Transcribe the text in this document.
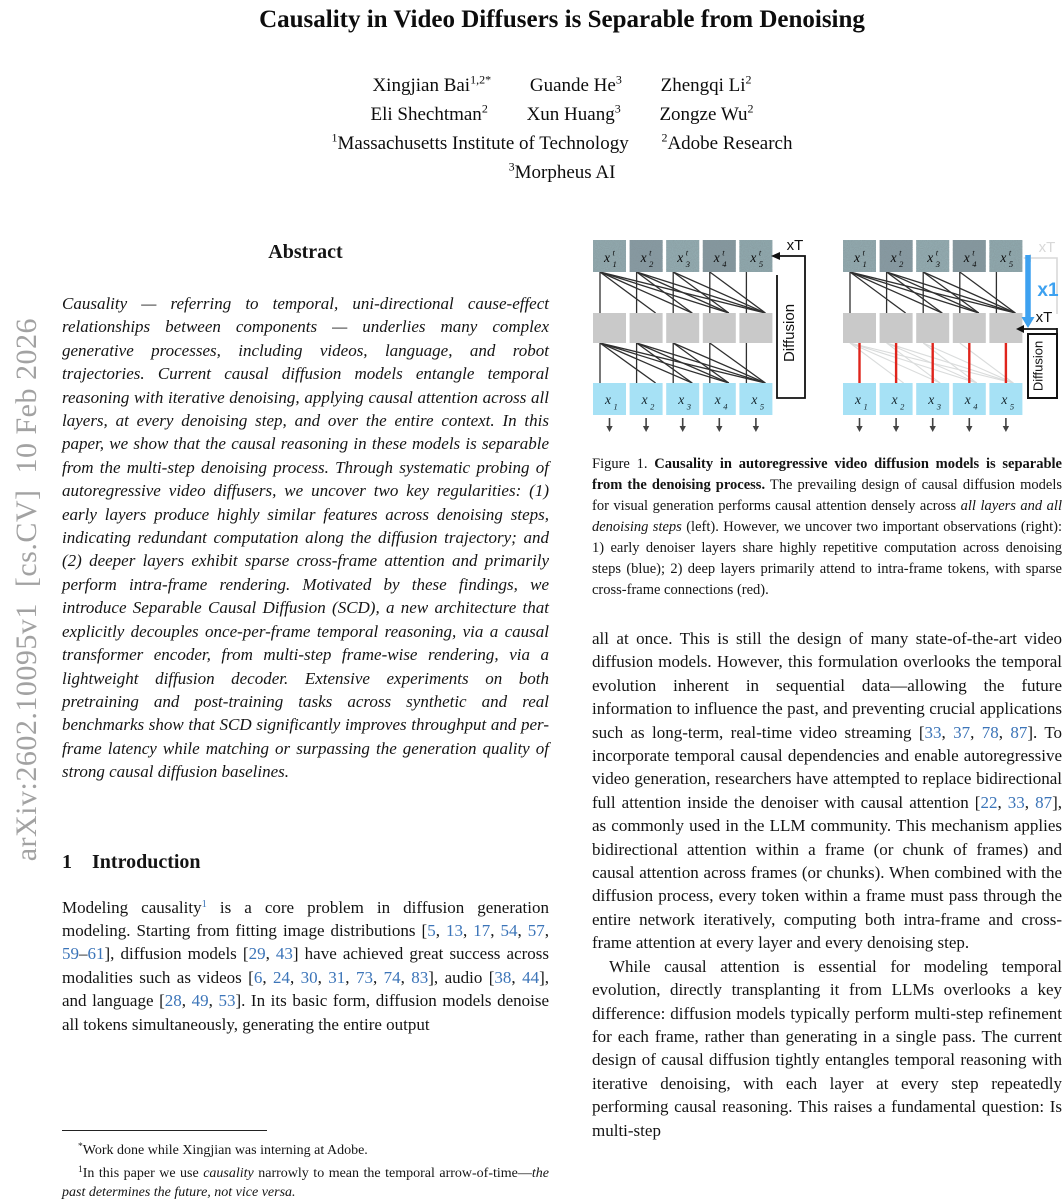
arXiv:2602.10095v1  [cs.CV]  10 Feb 2026
Causality in Video Diffusers is Separable from Denoising
Xingjian Bai$^{1,2*}$ Guande He$^3$ Zhengqi Li$^2$
Eli Shechtman$^2$ Xun Huang$^3$ Zongze Wu$^2$
$^1$Massachusetts Institute of Technology	$^2$Adobe Research
$^3$Morpheus AI
Abstract

Causality — referring to temporal, uni-directional cause-effect relationships between components — underlies many complex generative processes, including videos, language, and robot trajectories. Current causal diffusion models entangle temporal reasoning with iterative denoising, applying causal attention across all layers, at every denoising step, and over the entire context. In this paper, we show that the causal reasoning in these models is separable from the multi-step denoising process. Through systematic probing of autoregressive video diffusers, we uncover two key regularities: (1) early layers produce highly similar features across denoising steps, indicating redundant computation along the diffusion trajectory; and (2) deeper layers exhibit sparse cross-frame attention and primarily perform intra-frame rendering. Motivated by these findings, we introduce Separable Causal Diffusion (SCD), a new architecture that explicitly decouples once-per-frame temporal reasoning, via a causal transformer encoder, from multi-step frame-wise rendering, via a lightweight diffusion decoder. Extensive experiments on both pretraining and post-training tasks across synthetic and real benchmarks show that SCD significantly improves throughput and per-frame latency while matching or surpassing the generation quality of strong causal diffusion baselines.

1 Introduction

Modeling causality$^1$ is a core problem in diffusion generation modeling. Starting from fitting image distributions [5, 13, 17, 54, 57, 59–61], diffusion models [29, 43] have achieved great success across modalities such as videos [6, 24, 30, 31, 73, 74, 83], audio [38, 44], and language [28, 49, 53]. In its basic form, diffusion models denoise all tokens simultaneously, generating the entire output

x t 1
x 1
x t 2
x 2
x t 3
x 3
x t 4
x 4
x t 5
x 5
xT
Diffusion
x t 1
x 1
x t 2
x 2
x t 3
x 3
x t 4
x 4
x t 5
x 5
xT
x1
xT
Diffusion
Figure 1. Causality in autoregressive video diffusion models is separable from the denoising process. The prevailing design of causal diffusion models for visual generation performs causal attention densely across all layers and all denoising steps (left). However, we uncover two important observations (right): 1) early denoiser layers share highly repetitive computation across denoising steps (blue); 2) deep layers primarily attend to intra-frame tokens, with sparse cross-frame connections (red).

all at once. This is still the design of many state-of-the-art video diffusion models. However, this formulation overlooks the temporal evolution inherent in sequential data—allowing the future information to influence the past, and preventing crucial applications such as long-term, real-time video streaming [33, 37, 78, 87]. To incorporate temporal causal dependencies and enable autoregressive video generation, researchers have attempted to replace bidirectional full attention inside the denoiser with causal attention [22, 33, 87], as commonly used in the LLM community. This mechanism applies bidirectional attention within a frame (or chunk of frames) and causal attention across frames (or chunks). When combined with the diffusion process, every token within a frame must pass through the entire network iteratively, computing both intra-frame and cross-frame attention at every layer and every denoising step.

While causal attention is essential for modeling temporal evolution, directly transplanting it from LLMs overlooks a key difference: diffusion models typically perform multi-step refinement for each frame, rather than generating in a single pass. The current design of causal diffusion tightly entangles temporal reasoning with iterative denoising, with each layer at every step repeatedly performing causal reasoning. This raises a fundamental question: Is multi-step

*Work done while Xingjian was interning at Adobe.

$^1$In this paper we use causality narrowly to mean the temporal arrow-of-time—the past determines the future, not vice versa.
